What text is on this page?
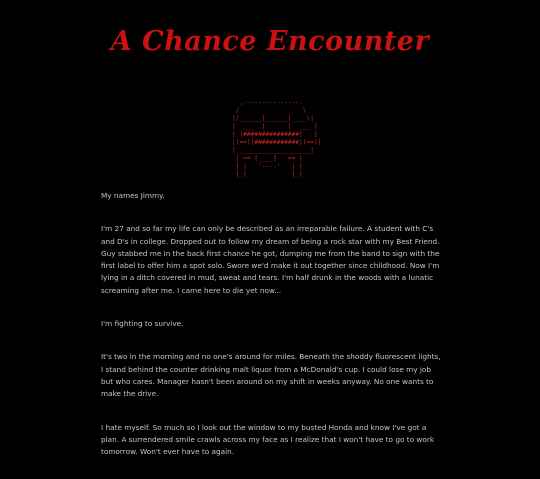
A Chance Encounter
,---------------.
/                 \
|/______|______|____\|
|  ___  |      |  ___ |
| |###############|   |
|(==)|############|(==)|
|____________________|
| == [____]   == |
| |   '----'   | |
|_|            |_|

My names Jimmy.

I'm 27 and so far my life can only be described as an irreparable failure. A student with C's and D's in college. Dropped out to follow my dream of being a rock star with my Best Friend. Guy stabbed me in the back first chance he got, dumping me from the band to sign with the first label to offer him a spot solo. Swore we'd make it out together since childhood. Now I'm lying in a ditch covered in mud, sweat and tears. I'm half drunk in the woods with a lunatic screaming after me. I came here to die yet now...

I'm fighting to survive.

It's two in the morning and no one's around for miles. Beneath the shoddy fluorescent lights, I stand behind the counter drinking malt liquor from a McDonald's cup. I could lose my job but who cares. Manager hasn't been around on my shift in weeks anyway. No one wants to make the drive.

I hate myself. So much so I look out the window to my busted Honda and know I've got a plan. A surrendered smile crawls across my face as I realize that I won't have to go to work tomorrow. Won't ever have to again.
